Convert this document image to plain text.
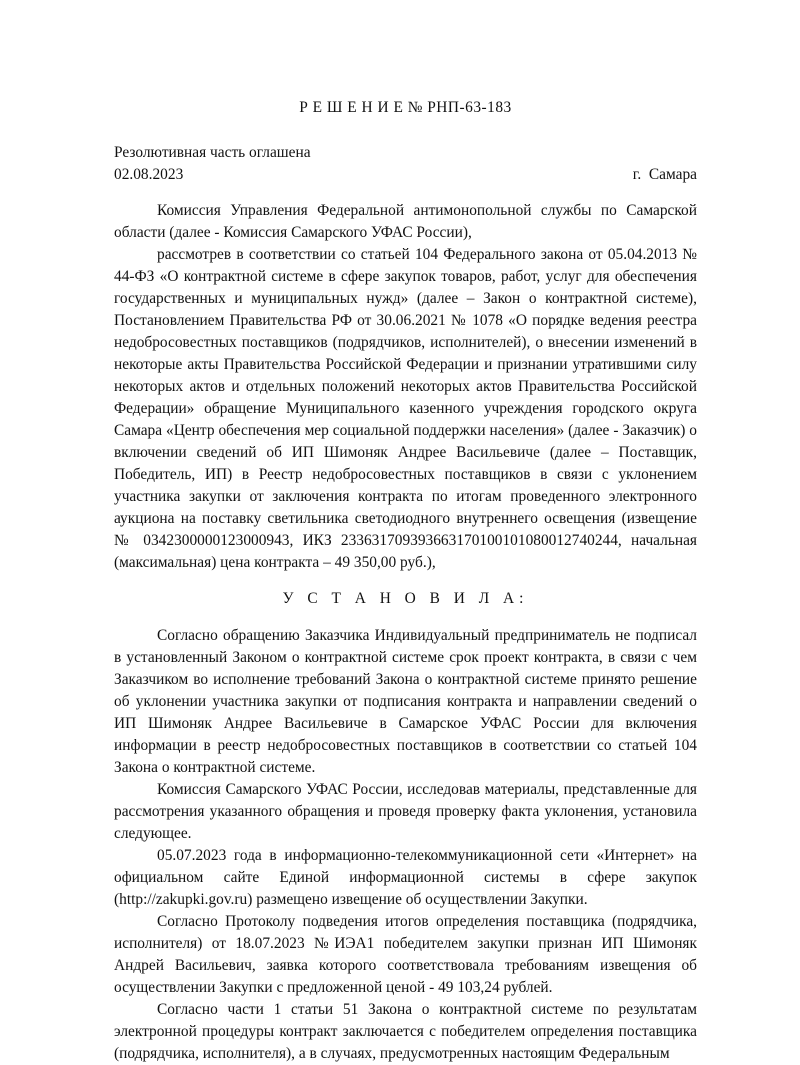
Р Е Ш Е Н И Е № РНП-63-183
Резолютивная часть оглашена
02.08.2023	г.  Самара

Комиссия Управления Федеральной антимонопольной службы по Самарской области (далее - Комиссия Самарского УФАС России),

рассмотрев в соответствии со статьей 104 Федерального закона от 05.04.2013 № 44-ФЗ «О контрактной системе в сфере закупок товаров, работ, услуг для обеспечения государственных и муниципальных нужд» (далее – Закон о контрактной системе), Постановлением Правительства РФ от 30.06.2021 № 1078 «О порядке ведения реестра недобросовестных поставщиков (подрядчиков, исполнителей), о внесении изменений в некоторые акты Правительства Российской Федерации и признании утратившими силу некоторых актов и отдельных положений некоторых актов Правительства Российской Федерации» обращение Муниципального казенного учреждения городского округа Самара «Центр обеспечения мер социальной поддержки населения» (далее - Заказчик) о включении сведений об ИП Шимоняк Андрее Васильевиче (далее – Поставщик, Победитель, ИП) в Реестр недобросовестных поставщиков в связи с уклонением участника закупки от заключения контракта по итогам проведенного электронного аукциона на поставку светильника светодиодного внутреннего освещения (извещение № 0342300000123000943, ИКЗ 233631709393663170100101080012740244, начальная (максимальная) цена контракта – 49 350,00 руб.),

У С Т А Н О В И Л А:

Согласно обращению Заказчика Индивидуальный предприниматель не подписал в установленный Законом о контрактной системе срок проект контракта, в связи с чем Заказчиком во исполнение требований Закона о контрактной системе принято решение об уклонении участника закупки от подписания контракта и направлении сведений о ИП Шимоняк Андрее Васильевиче в Самарское УФАС России для включения информации в реестр недобросовестных поставщиков в соответствии со статьей 104 Закона о контрактной системе.

Комиссия Самарского УФАС России, исследовав материалы, представленные для рассмотрения указанного обращения и проведя проверку факта уклонения, установила следующее.

05.07.2023 года в информационно-телекоммуникационной сети «Интернет» на официальном сайте Единой информационной системы в сфере закупок (http://zakupki.gov.ru) размещено извещение об осуществлении Закупки.

Согласно Протоколу подведения итогов определения поставщика (подрядчика, исполнителя) от 18.07.2023 №ИЭА1 победителем закупки признан ИП Шимоняк Андрей Васильевич, заявка которого соответствовала требованиям извещения об осуществлении Закупки с предложенной ценой - 49 103,24 рублей.

Согласно части 1 статьи 51 Закона о контрактной системе по результатам электронной процедуры контракт заключается с победителем определения поставщика (подрядчика, исполнителя), а в случаях, предусмотренных настоящим Федеральным
